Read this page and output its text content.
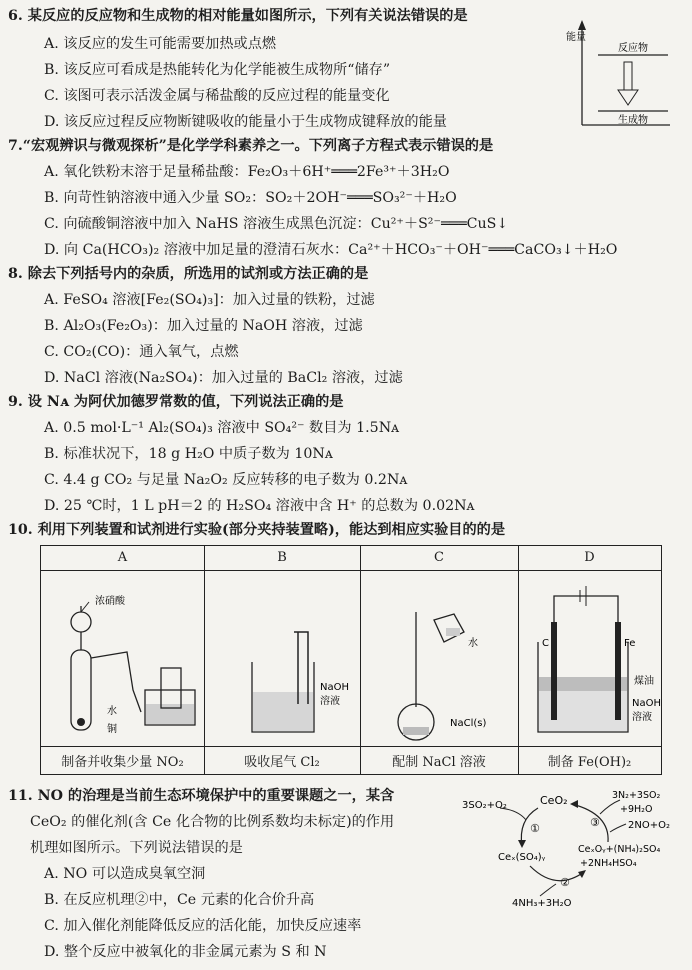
6. 某反应的反应物和生成物的相对能量如图所示，下列有关说法错误的是
A. 该反应的发生可能需要加热或点燃
B. 该反应可看成是热能转化为化学能被生成物所“储存”
C. 该图可表示活泼金属与稀盐酸的反应过程的能量变化
D. 该反应过程反应物断键吸收的能量小于生成物成键释放的能量
能量
反应物
生成物
7.“宏观辨识与微观探析”是化学学科素养之一。下列离子方程式表示错误的是
A. 氧化铁粉末溶于足量稀盐酸：Fe₂O₃＋6H⁺═══2Fe³⁺＋3H₂O
B. 向苛性钠溶液中通入少量 SO₂：SO₂＋2OH⁻═══SO₃²⁻＋H₂O
C. 向硫酸铜溶液中加入 NaHS 溶液生成黑色沉淀：Cu²⁺＋S²⁻═══CuS↓
D. 向 Ca(HCO₃)₂ 溶液中加足量的澄清石灰水：Ca²⁺＋HCO₃⁻＋OH⁻═══CaCO₃↓＋H₂O
8. 除去下列括号内的杂质，所选用的试剂或方法正确的是
A. FeSO₄ 溶液[Fe₂(SO₄)₃]：加入过量的铁粉，过滤
B. Al₂O₃(Fe₂O₃)：加入过量的 NaOH 溶液，过滤
C. CO₂(CO)：通入氧气，点燃
D. NaCl 溶液(Na₂SO₄)：加入过量的 BaCl₂ 溶液，过滤
9. 设 Nᴀ 为阿伏加德罗常数的值，下列说法正确的是
A. 0.5 mol·L⁻¹ Al₂(SO₄)₃ 溶液中 SO₄²⁻ 数目为 1.5Nᴀ
B. 标准状况下，18 g H₂O 中质子数为 10Nᴀ
C. 4.4 g CO₂ 与足量 Na₂O₂ 反应转移的电子数为 0.2Nᴀ
D. 25 ℃时，1 L pH＝2 的 H₂SO₄ 溶液中含 H⁺ 的总数为 0.02Nᴀ
10. 利用下列装置和试剂进行实验(部分夹持装置略)，能达到相应实验目的的是
A	B	C	D
制备并收集少量 NO₂	吸收尾气 Cl₂	配制 NaCl 溶液	制备 Fe(OH)₂
浓硝酸
水
铜
NaOH
溶液
水
NaCl(s)
C	Fe
煤油
NaOH
溶液
11. NO 的治理是当前生态环境保护中的重要课题之一，某含
CeO₂ 的催化剂(含 Ce 化合物的比例系数均未标定)的作用
机理如图所示。下列说法错误的是
A. NO 可以造成臭氧空洞
B. 在反应机理②中，Ce 元素的化合价升高
C. 加入催化剂能降低反应的活化能，加快反应速率
D. 整个反应中被氧化的非金属元素为 S 和 N
CeO₂
Ceₓ(SO₄)ᵧ
CeₓOᵧ+(NH₄)₂SO₄
+2NH₄HSO₄
3SO₂+O₂
3N₂+3SO₂
+9H₂O
2NO+O₂
4NH₃+3H₂O
①
②
③
